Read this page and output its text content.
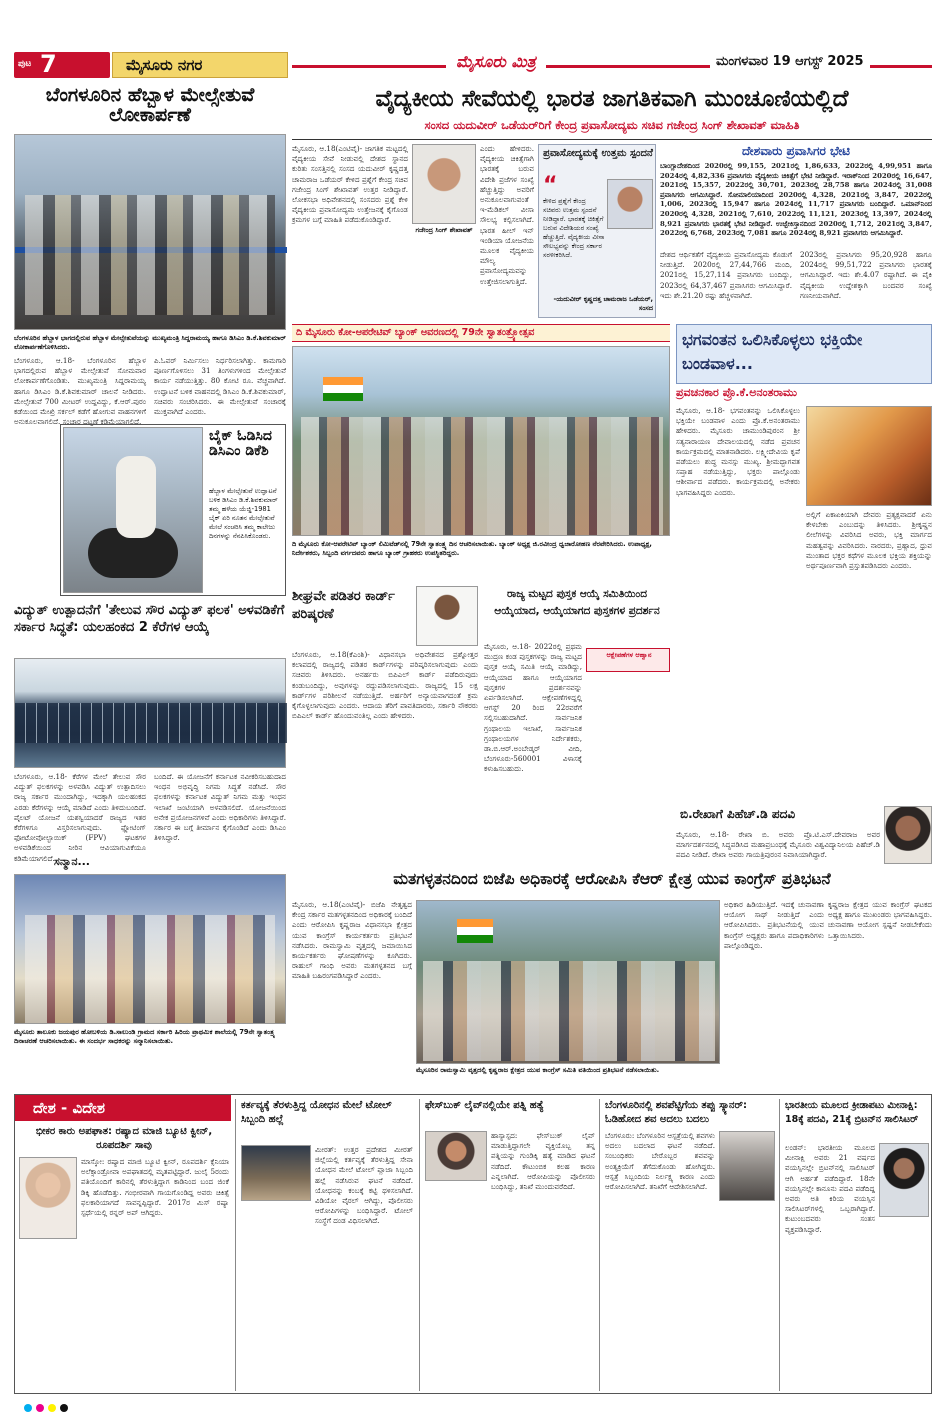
ಪುಟ 7	ಮೈಸೂರು ನಗರ	ಮೈಸೂರು ಮಿತ್ರ	ಮಂಗಳವಾರ 19 ಆಗಸ್ಟ್ 2025
ಬೆಂಗಳೂರಿನ ಹೆಬ್ಬಾಳ ಮೇಲ್ಸೇತುವೆ ಲೋಕಾರ್ಪಣೆ
ಬೆಂಗಳೂರಿನ ಹೆಬ್ಬಾಳ ಭಾಗದಲ್ಲಿರುವ ಹೆಬ್ಬಾಳ ಮೇಲ್ಸೇತುವೆಯನ್ನು ಮುಖ್ಯಮಂತ್ರಿ ಸಿದ್ದರಾಮಯ್ಯ ಹಾಗೂ ಡಿಸಿಎಂ ಡಿ.ಕೆ.ಶಿವಕುಮಾರ್ ಲೋಕಾರ್ಪಣೆಗೊಳಿಸಿದರು.
ಬೆಂಗಳೂರು, ಆ.18- ಬೆಂಗಳೂರಿನ ಹೆಬ್ಬಾಳ ಭಾಗದಲ್ಲಿರುವ ಹೆಬ್ಬಾಳ ಮೇಲ್ಸೇತುವೆ ಸೋಮವಾರ ಲೋಕಾರ್ಪಣೆಗೊಂಡಿತು. ಮುಖ್ಯಮಂತ್ರಿ ಸಿದ್ದರಾಮಯ್ಯ ಹಾಗೂ ಡಿಸಿಎಂ ಡಿ.ಕೆ.ಶಿವಕುಮಾರ್ ಚಾಲನೆ ನೀಡಿದರು. ಮೇಲ್ಸೇತುವೆ 700 ಮೀಟರ್ ಉದ್ದವಿದ್ದು, ಕೆ.ಆರ್.ಪುರಂ ಕಡೆಯಿಂದ ಮೇಖ್ರಿ ಸರ್ಕಲ್ ಕಡೆಗೆ ಹೋಗುವ ವಾಹನಗಳಿಗೆ ಅನುಕೂಲವಾಗಲಿದೆ. ಸಂಚಾರ ದಟ್ಟಣೆ ಕಡಿಮೆಯಾಗಲಿದೆ.
ಪಿ.ಓವರ್ ನಿರ್ಮಿಸಲು ನಿರ್ಧರಿಸಲಾಗಿತ್ತು. ಕಾಮಗಾರಿ ಪೂರ್ಣಗೊಳಿಸಲು 31 ತಿಂಗಳುಗಳಿಂದ ಮೇಲ್ಸೇತುವೆ ಕಾರ್ಯ ನಡೆಯುತ್ತಿತ್ತು. 80 ಕೋಟಿ ರೂ. ವೆಚ್ಚವಾಗಿದೆ. ಉದ್ಘಾಟನೆ ಬಳಿಕ ವಾಹನದಲ್ಲಿ ಡಿಸಿಎಂ ಡಿ.ಕೆ.ಶಿವಕುಮಾರ್, ಸಚಿವರು ಸಂಚರಿಸಿದರು. ಈ ಮೇಲ್ಸೇತುವೆ ಸಂಚಾರಕ್ಕೆ ಮುಕ್ತವಾಗಿದೆ ಎಂದರು.
ಬೈಕ್ ಓಡಿಸಿದ ಡಿಸಿಎಂ ಡಿಕೆಶಿ
ಹೆಬ್ಬಾಳ ಮೇಲ್ಸೇತುವೆ ಉದ್ಘಾಟನೆ ಬಳಿಕ ಡಿಸಿಎಂ ಡಿ.ಕೆ.ಶಿವಕುಮಾರ್ ತಮ್ಮ ಹಳೆಯ ಯೆಜ್ಡಿ-1981 ಬೈಕ್ ಏರಿ ನೂತನ ಮೇಲ್ಸೇತುವೆ ಮೇಲೆ ಸಂಚರಿಸಿ ತಮ್ಮ ಕಾಲೇಜು ದಿನಗಳನ್ನು ನೆನಪಿಸಿಕೊಂಡರು.
ವಿದ್ಯುತ್ ಉತ್ಪಾದನೆಗೆ 'ತೇಲುವ ಸೌರ ವಿದ್ಯುತ್ ಫಲಕ' ಅಳವಡಿಕೆಗೆ ಸರ್ಕಾರ ಸಿದ್ಧತೆ: ಯಲಹಂಕದ 2 ಕೆರೆಗಳ ಆಯ್ಕೆ
ಬೆಂಗಳೂರು, ಆ.18- ಕೆರೆಗಳ ಮೇಲೆ ತೇಲುವ ಸೌರ ವಿದ್ಯುತ್ ಫಲಕಗಳನ್ನು ಅಳವಡಿಸಿ ವಿದ್ಯುತ್ ಉತ್ಪಾದಿಸಲು ರಾಜ್ಯ ಸರ್ಕಾರ ಮುಂದಾಗಿದ್ದು, ಇದಕ್ಕಾಗಿ ಯಲಹಂಕದ ಎರಡು ಕೆರೆಗಳನ್ನು ಆಯ್ಕೆ ಮಾಡಿದೆ ಎಂದು ತಿಳಿದುಬಂದಿದೆ. ಪೈಲಟ್ ಯೋಜನೆ ಯಶಸ್ವಿಯಾದರೆ ರಾಜ್ಯದ ಇತರ ಕೆರೆಗಳಿಗೂ ವಿಸ್ತರಿಸಲಾಗುವುದು. ಫ್ಲೋಟಿಂಗ್ ಫೋಟೋವೋಲ್ಟಾಯಿಕ್ (FPV) ಘಟಕಗಳ ಅಳವಡಿಕೆಯಿಂದ ನೀರಿನ ಆವಿಯಾಗುವಿಕೆಯೂ ಕಡಿಮೆಯಾಗಲಿದೆ.
ಬಂದಿದೆ. ಈ ಯೋಜನೆಗೆ ಕರ್ನಾಟಕ ನವೀಕರಿಸಬಹುದಾದ ಇಂಧನ ಅಭಿವೃದ್ಧಿ ನಿಗಮ ಸಿದ್ಧತೆ ನಡೆಸಿದೆ. ಸೌರ ಫಲಕಗಳನ್ನು ಕರ್ನಾಟಕ ವಿದ್ಯುತ್ ನಿಗಮ ಮತ್ತು ಇಂಧನ ಇಲಾಖೆ ಜಂಟಿಯಾಗಿ ಅಳವಡಿಸಲಿದೆ. ಯೋಜನೆಯಿಂದ ಅನೇಕ ಪ್ರಯೋಜನಗಳಿವೆ ಎಂದು ಅಧಿಕಾರಿಗಳು ತಿಳಿಸಿದ್ದಾರೆ. ಸರ್ಕಾರ ಈ ಬಗ್ಗೆ ತೀರ್ಮಾನ ಕೈಗೊಂಡಿದೆ ಎಂದು ಡಿಸಿಎಂ ತಿಳಿಸಿದ್ದಾರೆ.
ಸನ್ಮಾನ...
ಮೈಸೂರು ತಾಲೂಕು ಜಯಪುರ ಹೋಬಳಿಯ ಡಿ.ಸಾಲುಂಡಿ ಗ್ರಾಮದ ಸರ್ಕಾರಿ ಹಿರಿಯ ಪ್ರಾಥಮಿಕ ಶಾಲೆಯಲ್ಲಿ 79ನೇ ಸ್ವಾತಂತ್ರ್ಯ ದಿನಾಚರಣೆ ಆಚರಿಸಲಾಯಿತು. ಈ ಸಂದರ್ಭ ಸಾಧಕರನ್ನು ಸನ್ಮಾನಿಸಲಾಯಿತು.
ವೈದ್ಯಕೀಯ ಸೇವೆಯಲ್ಲಿ ಭಾರತ ಜಾಗತಿಕವಾಗಿ ಮುಂಚೂಣಿಯಲ್ಲಿದೆ
ಸಂಸದ ಯದುವೀರ್ ಒಡೆಯರ್‌ರಿಗೆ ಕೇಂದ್ರ ಪ್ರವಾಸೋದ್ಯಮ ಸಚಿವ ಗಜೇಂದ್ರ ಸಿಂಗ್ ಶೇಖಾವತ್ ಮಾಹಿತಿ
ಮೈಸೂರು, ಆ.18(ಎಂಟಿವೈ)- ಜಾಗತಿಕ ಮಟ್ಟದಲ್ಲಿ ವೈದ್ಯಕೀಯ ಸೇವೆ ನೀಡುವಲ್ಲಿ ದೇಶದ ಸ್ಥಾನದ ಕುರಿತು ಸಂಸತ್ತಿನಲ್ಲಿ ಸಂಸದ ಯದುವೀರ್ ಕೃಷ್ಣದತ್ತ ಚಾಮರಾಜ ಒಡೆಯರ್ ಕೇಳಿದ ಪ್ರಶ್ನೆಗೆ ಕೇಂದ್ರ ಸಚಿವ ಗಜೇಂದ್ರ ಸಿಂಗ್ ಶೇಖಾವತ್ ಉತ್ತರ ನೀಡಿದ್ದಾರೆ. ಲೋಕಸಭಾ ಅಧಿವೇಶನದಲ್ಲಿ ಸಂಸದರು ಪ್ರಶ್ನೆ ಕೇಳಿ ವೈದ್ಯಕೀಯ ಪ್ರವಾಸೋದ್ಯಮ ಉತ್ತೇಜನಕ್ಕೆ ಕೈಗೊಂಡ ಕ್ರಮಗಳ ಬಗ್ಗೆ ಮಾಹಿತಿ ಪಡೆದುಕೊಂಡಿದ್ದಾರೆ.
ಗಜೇಂದ್ರ ಸಿಂಗ್ ಶೇಖಾವತ್
ಎಂದು ಹೇಳಿದರು. ವೈದ್ಯಕೀಯ ಚಿಕಿತ್ಸೆಗಾಗಿ ಭಾರತಕ್ಕೆ ಬರುವ ವಿದೇಶಿ ಪ್ರಜೆಗಳ ಸಂಖ್ಯೆ ಹೆಚ್ಚುತ್ತಿದ್ದು ಅವರಿಗೆ ಅನುಕೂಲವಾಗುವಂತೆ ಇ-ಮೆಡಿಕಲ್ ವೀಸಾ ಸೌಲಭ್ಯ ಕಲ್ಪಿಸಲಾಗಿದೆ. ಭಾರತ ಹೀಲ್ ಇನ್ ಇಂಡಿಯಾ ಯೋಜನೆಯ ಮೂಲಕ ವೈದ್ಯಕೀಯ ಮೌಲ್ಯ ಪ್ರವಾಸೋದ್ಯಮವನ್ನು ಉತ್ತೇಜಿಸಲಾಗುತ್ತಿದೆ.
ಪ್ರವಾಸೋದ್ಯಮಕ್ಕೆ ಉತ್ತಮ ಸ್ಪಂದನೆ
“
ಕೇಳಿದ ಪ್ರಶ್ನೆಗೆ ಕೇಂದ್ರ ಸಚಿವರು ಉತ್ತಮ ಸ್ಪಂದನೆ ನೀಡಿದ್ದಾರೆ. ಭಾರತಕ್ಕೆ ಚಿಕಿತ್ಸೆಗೆ ಬರುವ ವಿದೇಶಿಯರ ಸಂಖ್ಯೆ ಹೆಚ್ಚುತ್ತಿದೆ. ವೈದ್ಯಕೀಯ ವೀಸಾ ಸೌಲಭ್ಯವನ್ನು ಕೇಂದ್ರ ಸರ್ಕಾರ ಸರಳೀಕರಿಸಿದೆ.
-ಯದುವೀರ್ ಕೃಷ್ಣದತ್ತ ಚಾಮರಾಜ ಒಡೆಯರ್, ಸಂಸದ
ದೇಶವಾರು ಪ್ರವಾಸಿಗರ ಭೇಟಿ
ಬಾಂಗ್ಲಾದೇಶದಿಂದ 2020ರಲ್ಲಿ 99,155, 2021ರಲ್ಲಿ 1,86,633, 2022ರಲ್ಲಿ 4,99,951 ಹಾಗೂ 2024ರಲ್ಲಿ 4,82,336 ಪ್ರವಾಸಿಗರು ವೈದ್ಯಕೀಯ ಚಿಕಿತ್ಸೆಗೆ ಭೇಟಿ ನೀಡಿದ್ದಾರೆ. ಇರಾಕ್‌ನಿಂದ 2020ರಲ್ಲಿ 16,647, 2021ರಲ್ಲಿ 15,357, 2022ರಲ್ಲಿ 30,701, 2023ರಲ್ಲಿ 28,758 ಹಾಗೂ 2024ರಲ್ಲಿ 31,008 ಪ್ರವಾಸಿಗರು ಆಗಮಿಸಿದ್ದಾರೆ. ಸೋಮಾಲಿಯಾದಿಂದ 2020ರಲ್ಲಿ 4,328, 2021ರಲ್ಲಿ 3,847, 2022ರಲ್ಲಿ 1,006, 2023ರಲ್ಲಿ 15,947 ಹಾಗೂ 2024ರಲ್ಲಿ 11,717 ಪ್ರವಾಸಿಗರು ಬಂದಿದ್ದಾರೆ. ಒಮಾನ್‌ನಿಂದ 2020ರಲ್ಲಿ 4,328, 2021ರಲ್ಲಿ 7,610, 2022ರಲ್ಲಿ 11,121, 2023ರಲ್ಲಿ 13,397, 2024ರಲ್ಲಿ 8,921 ಪ್ರವಾಸಿಗರು ಭಾರತಕ್ಕೆ ಭೇಟಿ ನೀಡಿದ್ದಾರೆ. ಉಜ್ಬೇಕಿಸ್ತಾನದಿಂದ 2020ರಲ್ಲಿ 1,712, 2021ರಲ್ಲಿ 3,847, 2022ರಲ್ಲಿ 6,768, 2023ರಲ್ಲಿ 7,081 ಹಾಗೂ 2024ರಲ್ಲಿ 8,921 ಪ್ರವಾಸಿಗರು ಆಗಮಿಸಿದ್ದಾರೆ.
ದೇಶದ ಆರ್ಥಿಕತೆಗೆ ವೈದ್ಯಕೀಯ ಪ್ರವಾಸೋದ್ಯಮ ಕೊಡುಗೆ ನೀಡುತ್ತಿದೆ. 2020ರಲ್ಲಿ 27,44,766 ಮಂದಿ, 2021ರಲ್ಲಿ 15,27,114 ಪ್ರವಾಸಿಗರು ಬಂದಿದ್ದು, 2023ರಲ್ಲಿ 64,37,467 ಪ್ರವಾಸಿಗರು ಆಗಮಿಸಿದ್ದಾರೆ. ಇದು ಶೇ.21.20 ರಷ್ಟು ಹೆಚ್ಚಳವಾಗಿದೆ.
2023ರಲ್ಲಿ ಪ್ರವಾಸಿಗರು 95,20,928 ಹಾಗೂ 2024ರಲ್ಲಿ 99,51,722 ಪ್ರವಾಸಿಗರು ಭಾರತಕ್ಕೆ ಆಗಮಿಸಿದ್ದಾರೆ. ಇದು ಶೇ.4.07 ರಷ್ಟಾಗಿದೆ. ಈ ಪೈಕಿ ವೈದ್ಯಕೀಯ ಉದ್ದೇಶಕ್ಕಾಗಿ ಬಂದವರ ಸಂಖ್ಯೆ ಗಣನೀಯವಾಗಿದೆ.
ದಿ ಮೈಸೂರು ಕೋ-ಆಪರೇಟಿವ್ ಬ್ಯಾಂಕ್ ಆವರಣದಲ್ಲಿ 79ನೇ ಸ್ವಾತಂತ್ರ್ಯೋತ್ಸವ
ದಿ ಮೈಸೂರು ಕೋ-ಆಪರೇಟಿವ್ ಬ್ಯಾಂಕ್ ಲಿಮಿಟೆಡ್‌ನಲ್ಲಿ 79ನೇ ಸ್ವಾತಂತ್ರ್ಯ ದಿನ ಆಚರಿಸಲಾಯಿತು. ಬ್ಯಾಂಕ್ ಅಧ್ಯಕ್ಷ ಜಿ.ರವೀಂದ್ರ ಧ್ವಜಾರೋಹಣ ನೆರವೇರಿಸಿದರು. ಉಪಾಧ್ಯಕ್ಷ, ನಿರ್ದೇಶಕರು, ಸಿಬ್ಬಂದಿ ವರ್ಗದವರು ಹಾಗೂ ಬ್ಯಾಂಕ್ ಗ್ರಾಹಕರು ಉಪಸ್ಥಿತರಿದ್ದರು.
ಭಗವಂತನ ಒಲಿಸಿಕೊಳ್ಳಲು ಭಕ್ತಿಯೇ ಬಂಡವಾಳ...
ಪ್ರವಚನಕಾರ ಪ್ರೊ.ಕೆ.ಅನಂತರಾಮು
ಮೈಸೂರು, ಆ.18- ಭಗವಂತನನ್ನು ಒಲಿಸಿಕೊಳ್ಳಲು ಭಕ್ತಿಯೇ ಬಂಡವಾಳ ಎಂದು ಪ್ರೊ.ಕೆ.ಅನಂತರಾಮು ಹೇಳಿದರು. ಮೈಸೂರು ಚಾಮುಂಡಿಪುರಂನ ಶ್ರೀ ಸತ್ಯನಾರಾಯಣ ದೇವಾಲಯದಲ್ಲಿ ನಡೆದ ಪ್ರವಚನ ಕಾರ್ಯಕ್ರಮದಲ್ಲಿ ಮಾತನಾಡಿದರು. ಲಕ್ಷ್ಮೀದೇವಿಯ ಕೃಪೆ ಪಡೆಯಲು ಶುದ್ಧ ಮನಸ್ಸು ಮುಖ್ಯ. ಶ್ರೀಮದ್ಭಾಗವತ ಸಪ್ತಾಹ ನಡೆಯುತ್ತಿದ್ದು, ಭಕ್ತರು ಪಾಲ್ಗೊಂಡು ಆಶೀರ್ವಾದ ಪಡೆದರು. ಕಾರ್ಯಕ್ರಮದಲ್ಲಿ ಅನೇಕರು ಭಾಗವಹಿಸಿದ್ದರು ಎಂದರು.
ಅಲ್ಲಿಗೆ ಏಕಾಏಕಿಯಾಗಿ ದೇವರು ಪ್ರತ್ಯಕ್ಷವಾದರೆ ಏನು ಕೇಳಬೇಕು ಎಂಬುದನ್ನು ತಿಳಿಸಿದರು. ಶ್ರೀಕೃಷ್ಣನ ಲೀಲೆಗಳನ್ನು ವಿವರಿಸಿದ ಅವರು, ಭಕ್ತಿ ಮಾರ್ಗದ ಮಹತ್ವವನ್ನು ವಿವರಿಸಿದರು. ನಾರದರು, ಪ್ರಹ್ಲಾದ, ಧ್ರುವ ಮುಂತಾದ ಭಕ್ತರ ಕಥೆಗಳ ಮೂಲಕ ಭಕ್ತಿಯ ಶಕ್ತಿಯನ್ನು ಅರ್ಥಪೂರ್ಣವಾಗಿ ಪ್ರಸ್ತುತಪಡಿಸಿದರು ಎಂದರು.
ಶೀಘ್ರವೇ ಪಡಿತರ ಕಾರ್ಡ್ ಪರಿಷ್ಕರಣೆ
ಬೆಂಗಳೂರು, ಆ.18(ಕೆಎಂಶಿ)- ವಿಧಾನಸಭಾ ಅಧಿವೇಶನದ ಪ್ರಶ್ನೋತ್ತರ ಕಲಾಪದಲ್ಲಿ ರಾಜ್ಯದಲ್ಲಿ ಪಡಿತರ ಕಾರ್ಡ್‌ಗಳನ್ನು ಪರಿಷ್ಕರಿಸಲಾಗುವುದು ಎಂದು ಸಚಿವರು ತಿಳಿಸಿದರು. ಅನರ್ಹರು ಬಿಪಿಎಲ್ ಕಾರ್ಡ್ ಪಡೆದಿರುವುದು ಕಂಡುಬಂದಿದ್ದು, ಅವುಗಳನ್ನು ರದ್ದುಪಡಿಸಲಾಗುವುದು. ರಾಜ್ಯದಲ್ಲಿ 15 ಲಕ್ಷ ಕಾರ್ಡ್‌ಗಳ ಪರಿಶೀಲನೆ ನಡೆಯುತ್ತಿದೆ. ಅರ್ಹರಿಗೆ ಅನ್ಯಾಯವಾಗದಂತೆ ಕ್ರಮ ಕೈಗೊಳ್ಳಲಾಗುವುದು ಎಂದರು. ಆದಾಯ ತೆರಿಗೆ ಪಾವತಿದಾರರು, ಸರ್ಕಾರಿ ನೌಕರರು ಬಿಪಿಎಲ್ ಕಾರ್ಡ್ ಹೊಂದುವಂತಿಲ್ಲ ಎಂದು ಹೇಳಿದರು.
ರಾಜ್ಯ ಮಟ್ಟದ ಪುಸ್ತಕ ಆಯ್ಕೆ ಸಮಿತಿಯಿಂದ ಆಯ್ಕೆಯಾದ, ಆಯ್ಕೆಯಾಗದ ಪುಸ್ತಕಗಳ ಪ್ರದರ್ಶನ
ಆಕ್ಷೇಪಣೆಗಳ ಆಹ್ವಾನ
ಮೈಸೂರು, ಆ.18- 2022ರಲ್ಲಿ ಪ್ರಥಮ ಮುದ್ರಣ ಕಂಡ ಪುಸ್ತಕಗಳನ್ನು ರಾಜ್ಯ ಮಟ್ಟದ ಪುಸ್ತಕ ಆಯ್ಕೆ ಸಮಿತಿ ಆಯ್ಕೆ ಮಾಡಿದ್ದು, ಆಯ್ಕೆಯಾದ ಹಾಗೂ ಆಯ್ಕೆಯಾಗದ ಪುಸ್ತಕಗಳ ಪ್ರದರ್ಶನವನ್ನು ಏರ್ಪಡಿಸಲಾಗಿದೆ. ಆಕ್ಷೇಪಣೆಗಳಿದ್ದಲ್ಲಿ ಆಗಸ್ಟ್ 20 ರಿಂದ 22ರವರೆಗೆ ಸಲ್ಲಿಸಬಹುದಾಗಿದೆ. ಸಾರ್ವಜನಿಕ ಗ್ರಂಥಾಲಯ ಇಲಾಖೆ, ಸಾರ್ವಜನಿಕ ಗ್ರಂಥಾಲಯಗಳ ನಿರ್ದೇಶಕರು, ಡಾ.ಬಿ.ಆರ್.ಅಂಬೇಡ್ಕರ್ ವೀದಿ, ಬೆಂಗಳೂರು-560001 ವಿಳಾಸಕ್ಕೆ ಕಳುಹಿಸಬಹುದು.
ಬಿ.ರೇಖಾಗೆ ಪಿಹೆಚ್.ಡಿ ಪದವಿ
ಮೈಸೂರು, ಆ.18- ರೇಖಾ ಬಿ. ಅವರು ಪ್ರೊ.ಟಿ.ಎಸ್.ದೇವರಾಜ ಅವರ ಮಾರ್ಗದರ್ಶನದಲ್ಲಿ ಸಿದ್ಧಪಡಿಸಿದ ಮಹಾಪ್ರಬಂಧಕ್ಕೆ ಮೈಸೂರು ವಿಶ್ವವಿದ್ಯಾನಿಲಯ ಪಿಹೆಚ್.ಡಿ ಪದವಿ ನೀಡಿದೆ. ರೇಖಾ ಅವರು ಗಾಯತ್ರಿಪುರಂನ ನಿವಾಸಿಯಾಗಿದ್ದಾರೆ.
ಮತಗಳ್ಳತನದಿಂದ ಬಿಜೆಪಿ ಅಧಿಕಾರಕ್ಕೆ ಆರೋಪಿಸಿ ಕೆಆರ್ ಕ್ಷೇತ್ರ ಯುವ ಕಾಂಗ್ರೆಸ್ ಪ್ರತಿಭಟನೆ
ಮೈಸೂರು, ಆ.18(ಎಂಟಿವೈ)- ಬಿಜೆಪಿ ನೇತೃತ್ವದ ಕೇಂದ್ರ ಸರ್ಕಾರ ಮತಗಳ್ಳತನದಿಂದ ಅಧಿಕಾರಕ್ಕೆ ಬಂದಿದೆ ಎಂದು ಆರೋಪಿಸಿ ಕೃಷ್ಣರಾಜ ವಿಧಾನಸಭಾ ಕ್ಷೇತ್ರದ ಯುವ ಕಾಂಗ್ರೆಸ್ ಕಾರ್ಯಕರ್ತರು ಪ್ರತಿಭಟನೆ ನಡೆಸಿದರು. ರಾಮಸ್ವಾಮಿ ವೃತ್ತದಲ್ಲಿ ಜಮಾಯಿಸಿದ ಕಾರ್ಯಕರ್ತರು ಘೋಷಣೆಗಳನ್ನು ಕೂಗಿದರು. ರಾಹುಲ್ ಗಾಂಧಿ ಅವರು ಮತಗಳ್ಳತನದ ಬಗ್ಗೆ ಮಾಹಿತಿ ಬಹಿರಂಗಪಡಿಸಿದ್ದಾರೆ ಎಂದರು.
ಮೈಸೂರಿನ ರಾಮಸ್ವಾಮಿ ವೃತ್ತದಲ್ಲಿ ಕೃಷ್ಣರಾಜ ಕ್ಷೇತ್ರದ ಯುವ ಕಾಂಗ್ರೆಸ್ ಸಮಿತಿ ವತಿಯಿಂದ ಪ್ರತಿಭಟನೆ ನಡೆಸಲಾಯಿತು.
ಅಧಿಕಾರ ಹಿಡಿಯುತ್ತಿದೆ. ಇದಕ್ಕೆ ಚುನಾವಣಾ ಆಯೋಗ ಸಾಥ್ ನೀಡುತ್ತಿದೆ ಎಂದು ಆರೋಪಿಸಿದರು. ಪ್ರತಿಭಟನೆಯಲ್ಲಿ ಯುವ ಕಾಂಗ್ರೆಸ್ ಅಧ್ಯಕ್ಷರು ಹಾಗೂ ಪದಾಧಿಕಾರಿಗಳು ಪಾಲ್ಗೊಂಡಿದ್ದರು.
ಕೃಷ್ಣರಾಜ ಕ್ಷೇತ್ರದ ಯುವ ಕಾಂಗ್ರೆಸ್ ಘಟಕದ ಅಧ್ಯಕ್ಷ ಹಾಗೂ ಮುಖಂಡರು ಭಾಗವಹಿಸಿದ್ದರು. ಚುನಾವಣಾ ಆಯೋಗ ಸ್ಪಷ್ಟನೆ ನೀಡಬೇಕೆಂದು ಒತ್ತಾಯಿಸಿದರು.
ದೇಶ - ವಿದೇಶ
ಭೀಕರ ಕಾರು ಅಪಘಾತ: ರಷ್ಯಾದ ಮಾಜಿ ಬ್ಯೂಟಿ ಕ್ವೀನ್, ರೂಪದರ್ಶಿ ಸಾವು
ಮಾಸ್ಕೋ: ರಷ್ಯಾದ ಮಾಜಿ ಬ್ಯೂಟಿ ಕ್ವೀನ್, ರೂಪದರ್ಶಿ ಕ್ಸೆನಿಯಾ ಅಲೆಕ್ಸಾಂಡ್ರೋವಾ ಅಪಘಾತದಲ್ಲಿ ಮೃತಪಟ್ಟಿದ್ದಾರೆ. ಜುಲೈ 5ರಂದು ಪತಿಯೊಂದಿಗೆ ಕಾರಿನಲ್ಲಿ ತೆರಳುತ್ತಿದ್ದಾಗ ಕಾಡಿನಿಂದ ಬಂದ ಜಿಂಕೆ ಡಿಕ್ಕಿ ಹೊಡೆದಿತ್ತು. ಗಂಭೀರವಾಗಿ ಗಾಯಗೊಂಡಿದ್ದ ಅವರು ಚಿಕಿತ್ಸೆ ಫಲಕಾರಿಯಾಗದೆ ಸಾವನ್ನಪ್ಪಿದ್ದಾರೆ. 2017ರ ಮಿಸ್ ರಷ್ಯಾ ಸ್ಪರ್ಧೆಯಲ್ಲಿ ರನ್ನರ್ ಅಪ್ ಆಗಿದ್ದರು.
ಕರ್ತವ್ಯಕ್ಕೆ ತೆರಳುತ್ತಿದ್ದ ಯೋಧನ ಮೇಲೆ ಟೋಲ್ ಸಿಬ್ಬಂದಿ ಹಲ್ಲೆ
ಮೀರತ್: ಉತ್ತರ ಪ್ರದೇಶದ ಮೀರತ್ ಜಿಲ್ಲೆಯಲ್ಲಿ ಕರ್ತವ್ಯಕ್ಕೆ ತೆರಳುತ್ತಿದ್ದ ಸೇನಾ ಯೋಧನ ಮೇಲೆ ಟೋಲ್ ಪ್ಲಾಜಾ ಸಿಬ್ಬಂದಿ ಹಲ್ಲೆ ನಡೆಸಿರುವ ಘಟನೆ ನಡೆದಿದೆ. ಯೋಧನನ್ನು ಕಂಬಕ್ಕೆ ಕಟ್ಟಿ ಥಳಿಸಲಾಗಿದೆ. ವಿಡಿಯೋ ವೈರಲ್ ಆಗಿದ್ದು, ಪೊಲೀಸರು ಆರೋಪಿಗಳನ್ನು ಬಂಧಿಸಿದ್ದಾರೆ. ಟೋಲ್ ಸಂಸ್ಥೆಗೆ ದಂಡ ವಿಧಿಸಲಾಗಿದೆ.
ಫೇಸ್‌ಬುಕ್ ಲೈವ್‌ನಲ್ಲಿಯೇ ಪತ್ನಿ ಹತ್ಯೆ
ಹಾಸ್ಯಾಸ್ಪದ: ಫೇಸ್‌ಬುಕ್ ಲೈವ್ ಮಾಡುತ್ತಿದ್ದಾಗಲೇ ವ್ಯಕ್ತಿಯೊಬ್ಬ ತನ್ನ ಪತ್ನಿಯನ್ನು ಗುಂಡಿಕ್ಕಿ ಹತ್ಯೆ ಮಾಡಿದ ಘಟನೆ ನಡೆದಿದೆ. ಕೌಟುಂಬಿಕ ಕಲಹ ಕಾರಣ ಎನ್ನಲಾಗಿದೆ. ಆರೋಪಿಯನ್ನು ಪೊಲೀಸರು ಬಂಧಿಸಿದ್ದು, ತನಿಖೆ ಮುಂದುವರೆದಿದೆ.
ಬೆಂಗಳೂರಿನಲ್ಲಿ ಶವಪೆಟ್ಟಿಗೆಯ ತಪ್ಪು ಸ್ಕ್ಯಾನರ್: ಓಡಿಹೋದ ಶವ ಅದಲು ಬದಲು
ಬೆಂಗಳೂರು: ಬೆಂಗಳೂರಿನ ಆಸ್ಪತ್ರೆಯಲ್ಲಿ ಶವಗಳು ಅದಲು ಬದಲಾದ ಘಟನೆ ನಡೆದಿದೆ. ಸಂಬಂಧಿಕರು ಬೇರೊಬ್ಬರ ಶವವನ್ನು ಅಂತ್ಯಕ್ರಿಯೆಗೆ ತೆಗೆದುಕೊಂಡು ಹೋಗಿದ್ದರು. ಆಸ್ಪತ್ರೆ ಸಿಬ್ಬಂದಿಯ ನಿರ್ಲಕ್ಷ್ಯ ಕಾರಣ ಎಂದು ಆರೋಪಿಸಲಾಗಿದೆ. ತನಿಖೆಗೆ ಆದೇಶಿಸಲಾಗಿದೆ.
ಭಾರತೀಯ ಮೂಲದ ಕ್ರೀಡಾಪಟು ಮೀನಾಕ್ಷಿ: 18ಕ್ಕೆ ಪದವಿ, 21ಕ್ಕೆ ಬ್ರಿಟನ್‌ನ ಸಾಲಿಸಿಟರ್
ಲಂಡನ್: ಭಾರತೀಯ ಮೂಲದ ಮೀನಾಕ್ಷಿ ಅವರು 21 ವರ್ಷದ ವಯಸ್ಸಿನಲ್ಲೇ ಬ್ರಿಟನ್‌ನಲ್ಲಿ ಸಾಲಿಸಿಟರ್ ಆಗಿ ಅರ್ಹತೆ ಪಡೆದಿದ್ದಾರೆ. 18ನೇ ವಯಸ್ಸಿನಲ್ಲೇ ಕಾನೂನು ಪದವಿ ಪಡೆದಿದ್ದ ಅವರು ಅತಿ ಕಿರಿಯ ವಯಸ್ಸಿನ ಸಾಲಿಸಿಟರ್‌ಗಳಲ್ಲಿ ಒಬ್ಬರಾಗಿದ್ದಾರೆ. ಕುಟುಂಬದವರು ಸಂತಸ ವ್ಯಕ್ತಪಡಿಸಿದ್ದಾರೆ.
